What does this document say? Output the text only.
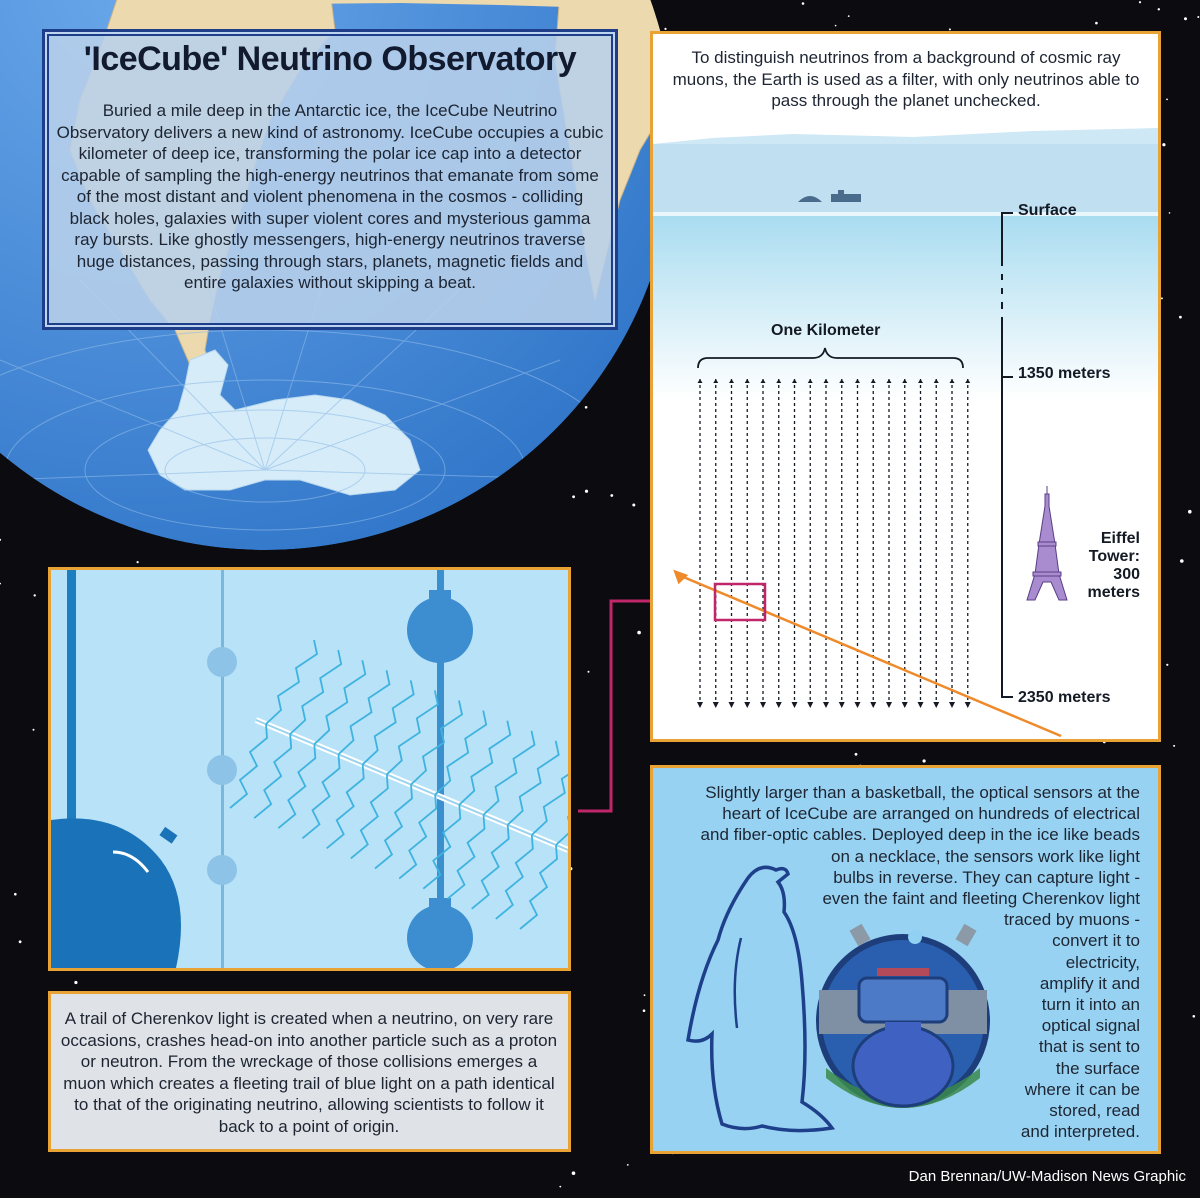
'IceCube' Neutrino Observatory
Buried a mile deep in the Antarctic ice, the IceCube Neutrino Observatory delivers a new kind of astronomy. IceCube occupies a cubic kilometer of deep ice, transforming the polar ice cap into a detector capable of sampling the high-energy neutrinos that emanate from some of the most distant and violent phenomena in the cosmos - colliding black holes, galaxies with super violent cores and mysterious gamma ray bursts. Like ghostly messengers, high-energy neutrinos traverse huge distances, passing through stars, planets, magnetic fields and entire galaxies without skipping a beat.
To distinguish neutrinos from a background of cosmic ray muons, the Earth is used as a filter, with only neutrinos able to pass through the planet unchecked.
One Kilometer
Surface
1350 meters
2350 meters
Eiffel
Tower:
300
meters
A trail of Cherenkov light is created when a neutrino, on very rare occasions, crashes head-on into another particle such as a proton or neutron. From the wreckage of those collisions emerges a muon which creates a fleeting trail of blue light on a path identical to that of the originating neutrino, allowing scientists to follow it back to a point of origin.
Slightly larger than a basketball, the optical sensors at the
heart of IceCube are arranged on hundreds of electrical
and fiber-optic cables. Deployed deep in the ice like beads
on a necklace, the sensors work like light
bulbs in reverse. They can capture light -
even the faint and fleeting Cherenkov light
traced by muons -
convert it to
electricity,
amplify it and
turn it into an
optical signal
that is sent to
the surface
where it can be
stored, read
and interpreted.
Dan Brennan/UW-Madison News Graphic
